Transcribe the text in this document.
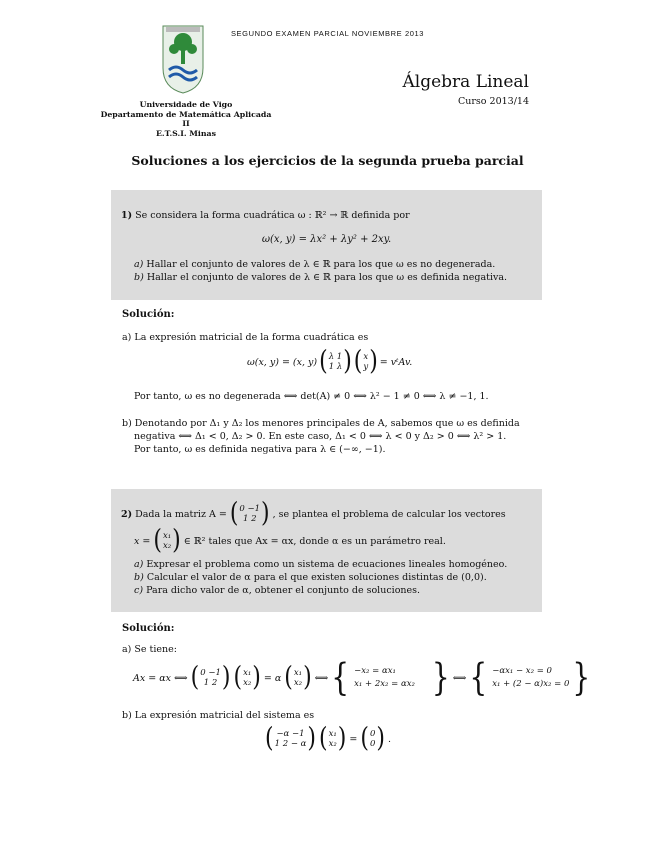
SEGUNDO EXAMEN PARCIAL NOVIEMBRE 2013
Universidade de Vigo
Departamento de Matemática Aplicada II
E.T.S.I. Minas
Álgebra Lineal
Curso 2013/14
Soluciones a los ejercicios de la segunda prueba parcial
1) Se considera la forma cuadrática ω : ℝ² → ℝ definida por
ω(x, y) = λx² + λy² + 2xy.
a) Hallar el conjunto de valores de λ ∈ ℝ para los que ω es no degenerada.
b) Hallar el conjunto de valores de λ ∈ ℝ para los que ω es definida negativa.
Solución:
a) La expresión matricial de la forma cuadrática es
ω(x, y) = (x, y) ( λ 1
1 λ ) ( x
y ) = vᵗAv.
Por tanto, ω es no degenerada ⟺ det(A) ≠ 0 ⟺ λ² − 1 ≠ 0 ⟺ λ ≠ −1, 1.
b) Denotando por Δ₁ y Δ₂ los menores principales de A, sabemos que ω es definida
negativa ⟺ Δ₁ < 0, Δ₂ > 0. En este caso, Δ₁ < 0 ⟺ λ < 0 y Δ₂ > 0 ⟺ λ² > 1.
Por tanto, ω es definida negativa para λ ∈ (−∞, −1).
2) Dada la matriz A = ( 0 −1
1 2 ) , se plantea el problema de calcular los vectores
x = ( x₁
x₂ ) ∈ ℝ² tales que Ax = αx, donde α es un parámetro real.
a) Expresar el problema como un sistema de ecuaciones lineales homogéneo.
b) Calcular el valor de α para el que existen soluciones distintas de (0,0).
c) Para dicho valor de α, obtener el conjunto de soluciones.
Solución:
a) Se tiene:
Ax = αx ⟺ ( 0 −1
1 2 ) ( x₁
x₂ ) = α ( x₁
x₂ ) ⟺ { −x₂ = αx₁
x₁ + 2x₂ = αx₂ } ⟺ { −αx₁ − x₂ = 0
x₁ + (2 − α)x₂ = 0 }
b) La expresión matricial del sistema es
( −α −1
1 2 − α ) ( x₁
x₂ ) = ( 0
0 ) .
